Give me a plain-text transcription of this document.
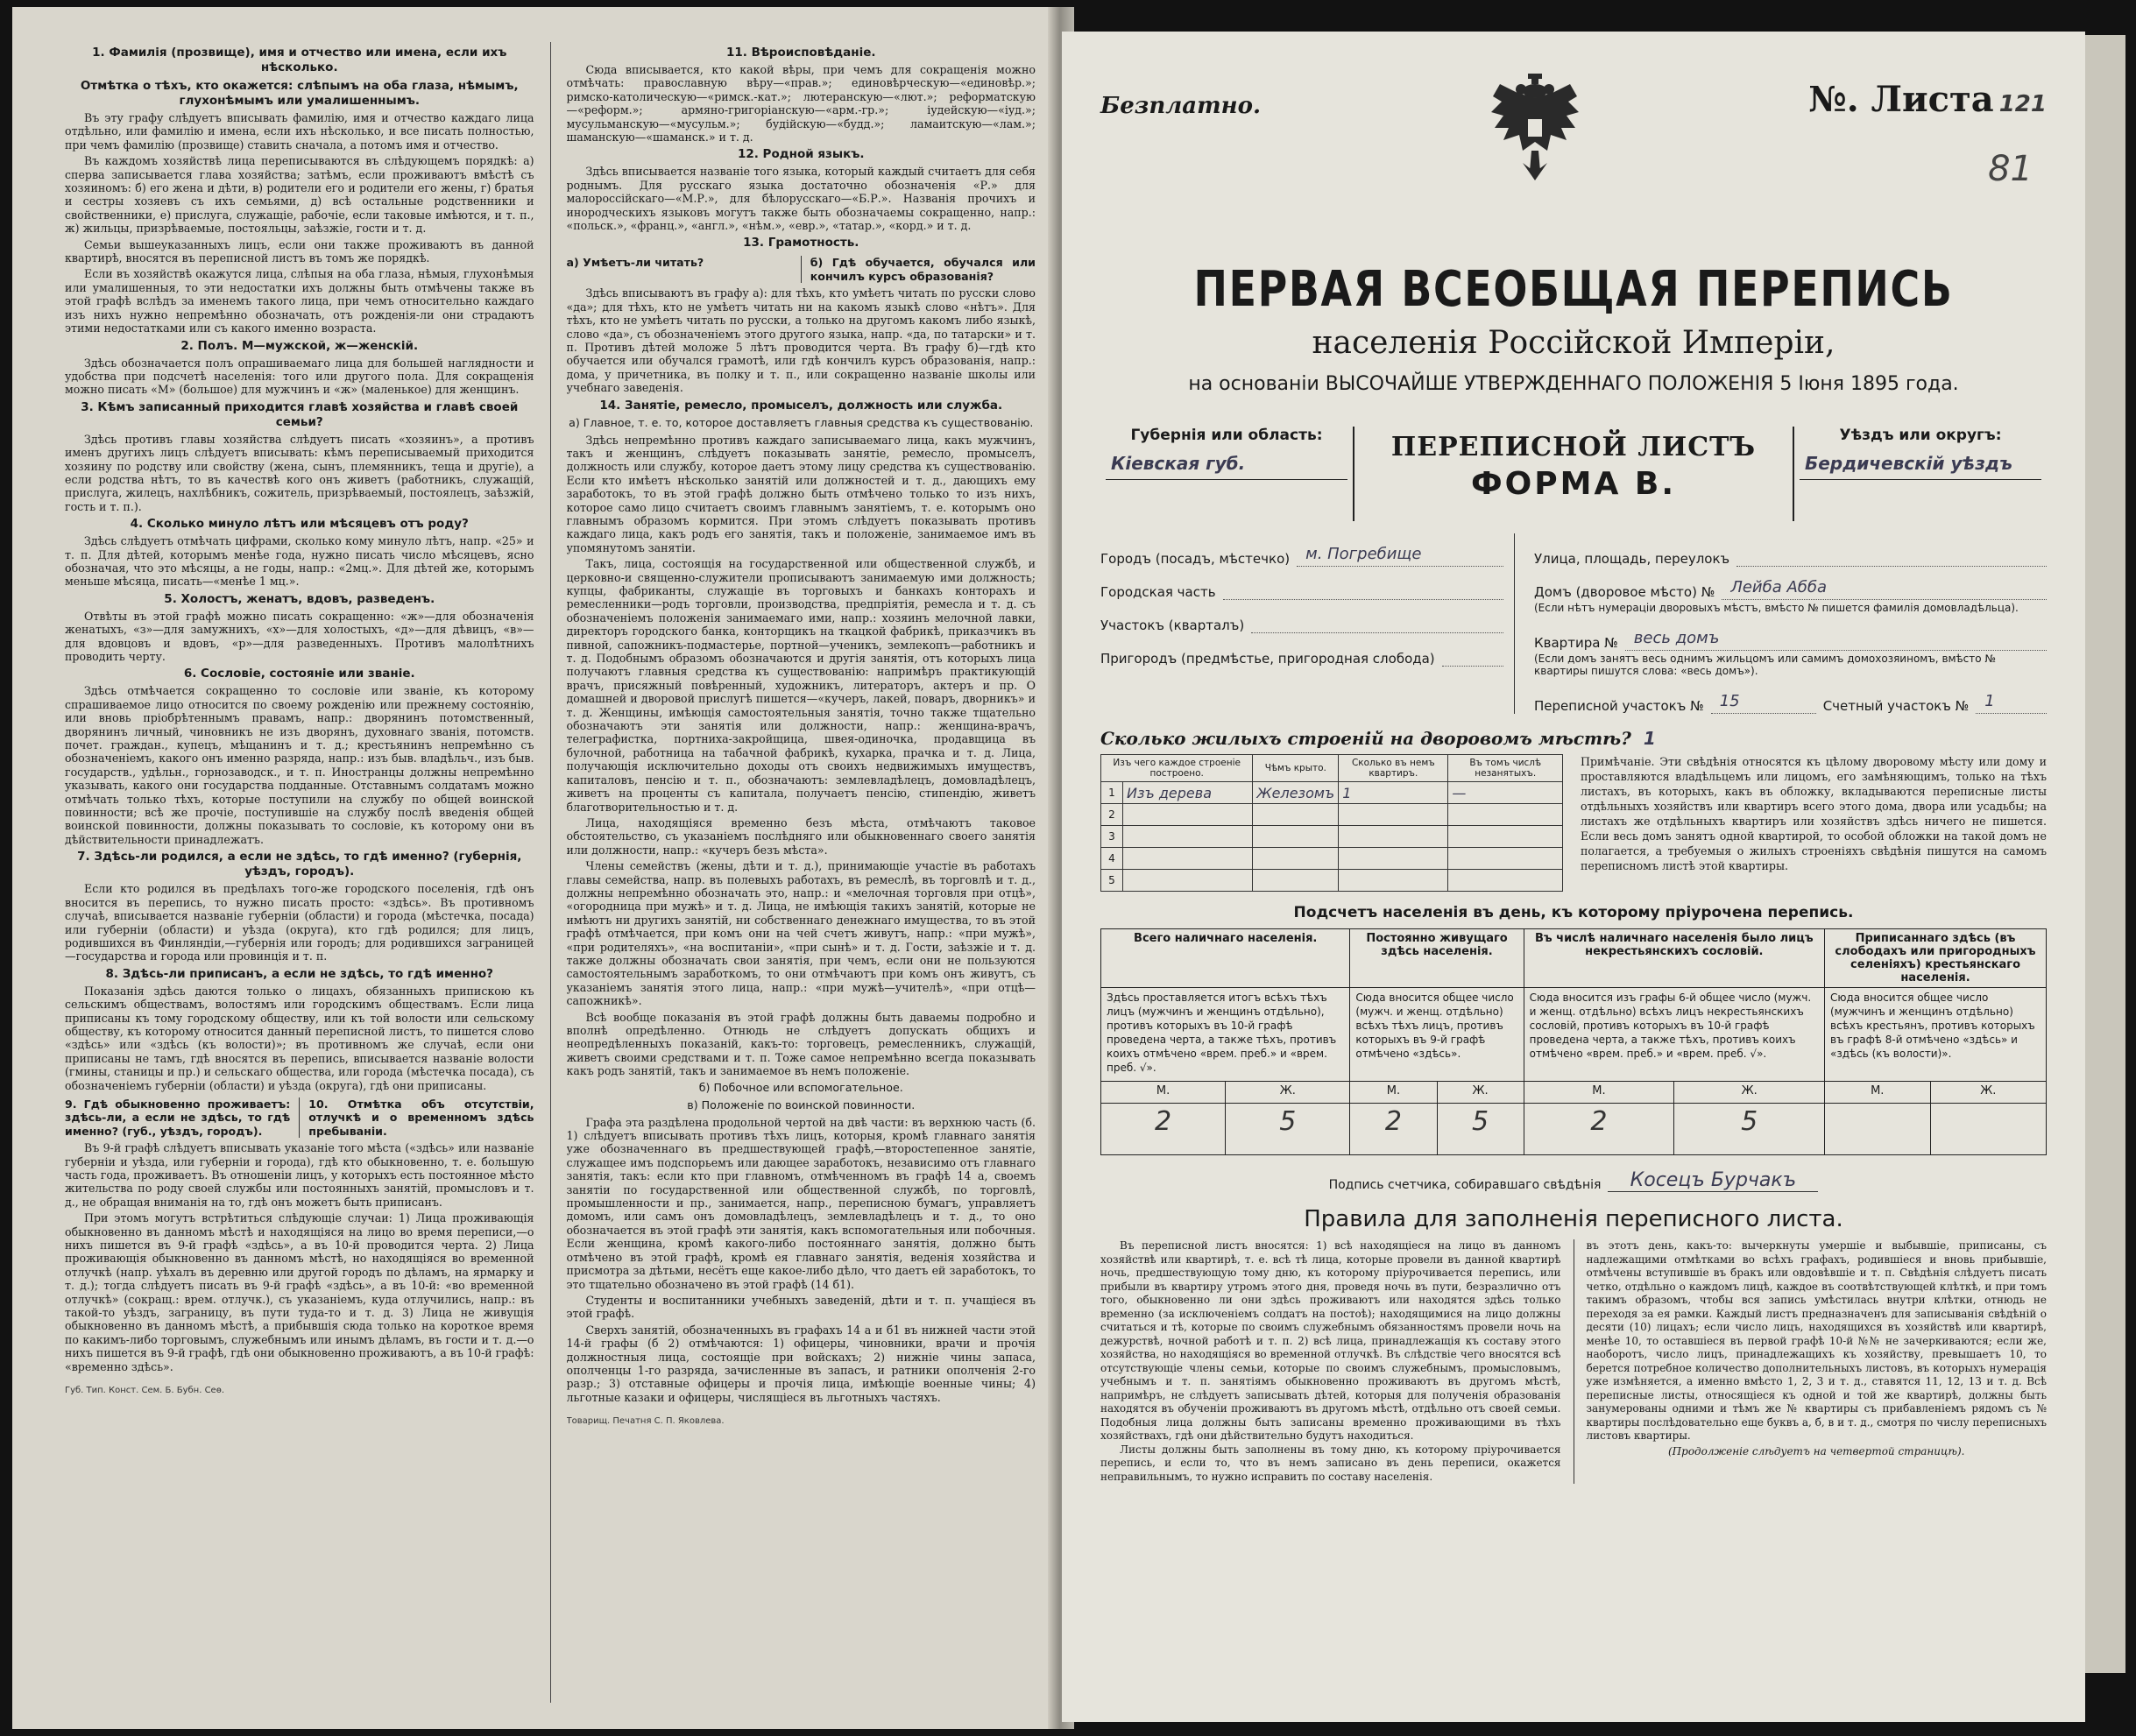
1. Фамилія (прозвище), имя и отчество или имена, если ихъ нѣсколько.
Отмѣтка о тѣхъ, кто окажется: слѣпымъ на оба глаза, нѣмымъ, глухонѣмымъ или умалишеннымъ.
Въ эту графу слѣдуетъ вписывать фамилію, имя и отчество каждаго лица отдѣльно, или фамилію и имена, если ихъ нѣсколько, и все писать полностью, при чемъ фамилію (прозвище) ставить сначала, а потомъ имя и отчество.
Въ каждомъ хозяйствѣ лица переписываются въ слѣдующемъ порядкѣ: а) сперва записывается глава хозяйства; затѣмъ, если проживаютъ вмѣстѣ съ хозяиномъ: б) его жена и дѣти, в) родители его и родители его жены, г) братья и сестры хозяевъ съ ихъ семьями, д) всѣ остальные родственники и свойственники, е) прислуга, служащіе, рабочіе, если таковые имѣются, и т. п., ж) жильцы, призрѣваемые, постояльцы, заѣзжіе, гости и т. д.
Семьи вышеуказанныхъ лицъ, если они также проживаютъ въ данной квартирѣ, вносятся въ переписной листъ въ томъ же порядкѣ.
Если въ хозяйствѣ окажутся лица, слѣпыя на оба глаза, нѣмыя, глухонѣмыя или умалишенныя, то эти недостатки ихъ должны быть отмѣчены также въ этой графѣ вслѣдъ за именемъ такого лица, при чемъ относительно каждаго изъ нихъ нужно непремѣнно обозначать, отъ рожденія-ли они страдаютъ этими недостатками или съ какого именно возраста.
2. Полъ. М—мужской, ж—женскій.
Здѣсь обозначается полъ опрашиваемаго лица для большей наглядности и удобства при подсчетѣ населенія: того или другого пола. Для сокращенія можно писать «М» (большое) для мужчинъ и «ж» (маленькое) для женщинъ.
3. Кѣмъ записанный приходится главѣ хозяйства и главѣ своей семьи?
Здѣсь противъ главы хозяйства слѣдуетъ писать «хозяинъ», а противъ именъ другихъ лицъ слѣдуетъ вписывать: кѣмъ переписываемый приходится хозяину по родству или свойству (жена, сынъ, племянникъ, теща и другіе), а если родства нѣтъ, то въ качествѣ кого онъ живетъ (работникъ, служащій, прислуга, жилецъ, нахлѣбникъ, сожитель, призрѣваемый, постоялецъ, заѣзжій, гость и т. п.).
4. Сколько минуло лѣтъ или мѣсяцевъ отъ роду?
Здѣсь слѣдуетъ отмѣчать цифрами, сколько кому минуло лѣтъ, напр. «25» и т. п. Для дѣтей, которымъ менѣе года, нужно писать число мѣсяцевъ, ясно обозначая, что это мѣсяцы, а не годы, напр.: «2мц.». Для дѣтей же, которымъ меньше мѣсяца, писать—«менѣе 1 мц.».
5. Холостъ, женатъ, вдовъ, разведенъ.
Отвѣты въ этой графѣ можно писать сокращенно: «ж»—для обозначенія женатыхъ, «з»—для замужнихъ, «х»—для холостыхъ, «д»—для дѣвицъ, «в»—для вдовцовъ и вдовъ, «р»—для разведенныхъ. Противъ малолѣтнихъ проводить черту.
6. Сословіе, состояніе или званіе.
Здѣсь отмѣчается сокращенно то сословіе или званіе, къ которому спрашиваемое лицо относится по своему рожденію или прежнему состоянію, или вновь пріобрѣтеннымъ правамъ, напр.: дворянинъ потомственный, дворянинъ личный, чиновникъ не изъ дворянъ, духовнаго званія, потомств. почет. граждан., купецъ, мѣщанинъ и т. д.; крестьянинъ непремѣнно съ обозначеніемъ, какого онъ именно разряда, напр.: изъ быв. владѣльч., изъ быв. государств., удѣльн., горнозаводск., и т. п. Иностранцы должны непремѣнно указывать, какого они государства подданные. Отставнымъ солдатамъ можно отмѣчать только тѣхъ, которые поступили на службу по общей воинской повинности; всѣ же прочіе, поступившіе на службу послѣ введенія общей воинской повинности, должны показывать то сословіе, къ которому они въ дѣйствительности принадлежатъ.
7. Здѣсь-ли родился, а если не здѣсь, то гдѣ именно? (губернія, уѣздъ, городъ).
Если кто родился въ предѣлахъ того-же городского поселенія, гдѣ онъ вносится въ перепись, то нужно писать просто: «здѣсь». Въ противномъ случаѣ, вписывается названіе губерніи (области) и города (мѣстечка, посада) или губерніи (области) и уѣзда (округа), кто гдѣ родился; для лицъ, родившихся въ Финляндіи,—губернія или городъ; для родившихся заграницей—государства и города или провинція и т. п.
8. Здѣсь-ли приписанъ, а если не здѣсь, то гдѣ именно?
Показанія здѣсь даются только о лицахъ, обязанныхъ припискою къ сельскимъ обществамъ, волостямъ или городскимъ обществамъ. Если лица приписаны къ тому городскому обществу, или къ той волости или сельскому обществу, къ которому относится данный переписной листъ, то пишется слово «здѣсь» или «здѣсь (къ волости)»; въ противномъ же случаѣ, если они приписаны не тамъ, гдѣ вносятся въ перепись, вписывается названіе волости (гмины, станицы и пр.) и сельскаго общества, или города (мѣстечка посада), съ обозначеніемъ губерніи (области) и уѣзда (округа), гдѣ они приписаны.
9. Гдѣ обыкновенно проживаетъ: здѣсь-ли, а если не здѣсь, то гдѣ именно? (губ., уѣздъ, городъ).
10. Отмѣтка объ отсутствіи, отлучкѣ и о временномъ здѣсь пребываніи.
Въ 9-й графѣ слѣдуетъ вписывать указаніе того мѣста («здѣсь» или названіе губерніи и уѣзда, или губерніи и города), гдѣ кто обыкновенно, т. е. большую часть года, проживаетъ. Въ отношеніи лицъ, у которыхъ есть постоянное мѣсто жительства по роду своей службы или постоянныхъ занятій, промысловъ и т. д., не обращая вниманія на то, гдѣ онъ можетъ быть приписанъ.
При этомъ могутъ встрѣтиться слѣдующіе случаи: 1) Лица проживающія обыкновенно въ данномъ мѣстѣ и находящіяся на лицо во время переписи,—о нихъ пишется въ 9-й графѣ «здѣсь», а въ 10-й проводится черта. 2) Лица проживающія обыкновенно въ данномъ мѣстѣ, но находящіяся во временной отлучкѣ (напр. уѣхалъ въ деревню или другой городъ по дѣламъ, на ярмарку и т. д.); тогда слѣдуетъ писать въ 9-й графѣ «здѣсь», а въ 10-й: «во временной отлучкѣ» (сокращ.: врем. отлучк.), съ указаніемъ, куда отлучились, напр.: въ такой-то уѣздъ, заграницу, въ пути туда-то и т. д. 3) Лица не живущія обыкновенно въ данномъ мѣстѣ, а прибывшія сюда только на короткое время по какимъ-либо торговымъ, служебнымъ или инымъ дѣламъ, въ гости и т. д.—о нихъ пишется въ 9-й графѣ, гдѣ они обыкновенно проживаютъ, а въ 10-й графѣ: «временно здѣсь».
Губ. Тип. Конст. Сем. Б. Бубн. Сеѳ.
11. Вѣроисповѣданіе.
Сюда вписывается, кто какой вѣры, при чемъ для сокращенія можно отмѣчать: православную вѣру—«прав.»; единовѣрческую—«единовѣр.»; римско-католическую—«римск.-кат.»; лютеранскую—«лют.»; реформатскую—«реформ.»; армяно-григоріанскую—«арм.-гр.»; іудейскую—«іуд.»; мусульманскую—«мусульм.»; будійскую—«будд.»; ламаитскую—«лам.»; шаманскую—«шаманск.» и т. д.
12. Родной языкъ.
Здѣсь вписывается названіе того языка, который каждый считаетъ для себя роднымъ. Для русскаго языка достаточно обозначенія «Р.» для малороссійскаго—«М.Р.», для бѣлорусскаго—«Б.Р.». Названія прочихъ и инородческихъ языковъ могутъ также быть обозначаемы сокращенно, напр.: «польск.», «франц.», «англ.», «нѣм.», «евр.», «татар.», «корд.» и т. д.
13. Грамотность.
а) Умѣетъ-ли читать?	б) Гдѣ обучается, обучался или кончилъ курсъ образованія?
Здѣсь вписываютъ въ графу а): для тѣхъ, кто умѣетъ читать по русски слово «да»; для тѣхъ, кто не умѣетъ читать ни на какомъ языкѣ слово «нѣтъ». Для тѣхъ, кто не умѣетъ читать по русски, а только на другомъ какомъ либо языкѣ, слово «да», съ обозначеніемъ этого другого языка, напр. «да, по татарски» и т. п. Противъ дѣтей моложе 5 лѣтъ проводится черта. Въ графу б)—гдѣ кто обучается или обучался грамотѣ, или гдѣ кончилъ курсъ образованія, напр.: дома, у причетника, въ полку и т. п., или сокращенно названіе школы или учебнаго заведенія.
14. Занятіе, ремесло, промыселъ, должность или служба.
а) Главное, т. е. то, которое доставляетъ главныя средства къ существованію.
Здѣсь непремѣнно противъ каждаго записываемаго лица, какъ мужчинъ, такъ и женщинъ, слѣдуетъ показывать занятіе, ремесло, промыселъ, должность или службу, которое даетъ этому лицу средства къ существованію. Если кто имѣетъ нѣсколько занятій или должностей и т. д., дающихъ ему заработокъ, то въ этой графѣ должно быть отмѣчено только то изъ нихъ, которое само лицо считаетъ своимъ главнымъ занятіемъ, т. е. которымъ оно главнымъ образомъ кормится. При этомъ слѣдуетъ показывать противъ каждаго лица, какъ родъ его занятія, такъ и положеніе, занимаемое имъ въ упомянутомъ занятіи.
Такъ, лица, состоящія на государственной или общественной службѣ, и церковно-и священно-служители прописываютъ занимаемую ими должность; купцы, фабриканты, служащіе въ торговыхъ и банкахъ конторахъ и ремесленники—родъ торговли, производства, предпріятія, ремесла и т. д. съ обозначеніемъ положенія занимаемаго ими, напр.: хозяинъ мелочной лавки, директоръ городского банка, конторщикъ на ткацкой фабрикѣ, приказчикъ въ пивной, сапожникъ-подмастерье, портной—ученикъ, землекопъ—работникъ и т. д. Подобнымъ образомъ обозначаются и другія занятія, отъ которыхъ лица получаютъ главныя средства къ существованію: напримѣръ практикующій врачъ, присяжный повѣренный, художникъ, литераторъ, актеръ и пр. О домашней и дворовой прислугѣ пишется—«кучеръ, лакей, поваръ, дворникъ» и т. д. Женщины, имѣющія самостоятельныя занятія, точно также тщательно обозначаютъ эти занятія или должности, напр.: женщина-врачъ, телеграфистка, портниха-закройщица, швея-одиночка, продавщица въ булочной, работница на табачной фабрикѣ, кухарка, прачка и т. д. Лица, получающія исключительно доходы отъ своихъ недвижимыхъ имуществъ, капиталовъ, пенсію и т. п., обозначаютъ: землевладѣлецъ, домовладѣлецъ, живетъ на проценты съ капитала, получаетъ пенсію, стипендію, живетъ благотворительностью и т. д.
Лица, находящіяся временно безъ мѣста, отмѣчаютъ таковое обстоятельство, съ указаніемъ послѣдняго или обыкновеннаго своего занятія или должности, напр.: «кучеръ безъ мѣста».
Члены семействъ (жены, дѣти и т. д.), принимающіе участіе въ работахъ главы семейства, напр. въ полевыхъ работахъ, въ ремеслѣ, въ торговлѣ и т. д., должны непремѣнно обозначать это, напр.: и «мелочная торговля при отцѣ», «огородница при мужѣ» и т. д. Лица, не имѣющія такихъ занятій, которые не имѣютъ ни другихъ занятій, ни собственнаго денежнаго имущества, то въ этой графѣ отмѣчается, при комъ они на чей счетъ живутъ, напр.: «при мужѣ», «при родителяхъ», «на воспитаніи», «при сынѣ» и т. д. Гости, заѣзжіе и т. д. также должны обозначать свои занятія, при чемъ, если они не пользуются самостоятельнымъ заработкомъ, то они отмѣчаютъ при комъ онъ живутъ, съ указаніемъ занятія этого лица, напр.: «при мужѣ—учителѣ», «при отцѣ—сапожникѣ».
Всѣ вообще показанія въ этой графѣ должны быть даваемы подробно и вполнѣ опредѣленно. Отнюдь не слѣдуетъ допускать общихъ и неопредѣленныхъ показаній, какъ-то: торговецъ, ремесленникъ, служащій, живетъ своими средствами и т. п. Тоже самое непремѣнно всегда показывать какъ родъ занятій, такъ и занимаемое въ немъ положеніе.
б) Побочное или вспомогательное.
в) Положеніе по воинской повинности.
Графа эта раздѣлена продольной чертой на двѣ части: въ верхнюю часть (б. 1) слѣдуетъ вписывать противъ тѣхъ лицъ, которыя, кромѣ главнаго занятія уже обозначеннаго въ предшествующей графѣ,—второстепенное занятіе, служащее имъ подспорьемъ или дающее заработокъ, независимо отъ главнаго занятія, такъ: если кто при главномъ, отмѣченномъ въ графѣ 14 а, своемъ занятіи по государственной или общественной службѣ, по торговлѣ, промышленности и пр., занимается, напр., переписною бумагъ, управляетъ домомъ, или самъ онъ домовладѣлецъ, землевладѣлецъ и т. д., то оно обозначается въ этой графѣ эти занятія, какъ вспомогательныя или побочныя. Если женщина, кромѣ какого-либо постояннаго занятія, должно быть отмѣчено въ этой графѣ, кромѣ ея главнаго занятія, веденія хозяйства и присмотра за дѣтьми, несётъ еще какое-либо дѣло, что даетъ ей заработокъ, то это тщательно обозначено въ этой графѣ (14 б1).
Студенты и воспитанники учебныхъ заведеній, дѣти и т. п. учащіеся въ этой графѣ.
Сверхъ занятій, обозначенныхъ въ графахъ 14 а и б1 въ нижней части этой 14-й графы (б 2) отмѣчаются: 1) офицеры, чиновники, врачи и прочія должностныя лица, состоящіе при войскахъ; 2) нижніе чины запаса, ополченцы 1-го разряда, зачисленные въ запасъ, и ратники ополченія 2-го разр.; 3) отставные офицеры и прочія лица, имѣющіе военные чины; 4) льготные казаки и офицеры, числящіеся въ льготныхъ частяхъ.
Товарищ. Печатня С. П. Яковлева.
81
Безплатно.	№. Листа 121
ПЕРВАЯ ВСЕОБЩАЯ ПЕРЕПИСЬ
населенія Россійской Имперіи,
на основаніи ВЫСОЧАЙШЕ УТВЕРЖДЕННАГО ПОЛОЖЕНІЯ 5 Іюня 1895 года.
Губернія или область:
Кіевская губ.
ПЕРЕПИСНОЙ ЛИСТЪ
ФОРМА В.
Уѣздъ или округъ:
Бердичевскій уѣздъ
Городъ (посадъ, мѣстечко)	м. Погребище
Городская часть
Участокъ (кварталъ)
Пригородъ (предмѣстье, пригородная слобода)
Улица, площадь, переулокъ
Домъ (дворовое мѣсто) №	Лейба Абба
(Если нѣтъ нумераціи дворовыхъ мѣстъ, вмѣсто № пишется фамилія домовладѣльца).
Квартира №	весь домъ
(Если домъ занятъ весь однимъ жильцомъ или самимъ домохозяиномъ, вмѣсто № квартиры пишутся слова: «весь домъ»).
Переписной участокъ №	15	Счетный участокъ №	1
Сколько жилыхъ строеній на дворовомъ мѣстѣ? 1
Изъ чего каждое строеніе построено.		Чѣмъ крыто.	Сколько въ немъ квартиръ.	Въ томъ числѣ незанятыхъ.
1	Изъ дерева	Железомъ	1	—
2				
3				
4				
5				
Примѣчаніе. Эти свѣдѣнія относятся къ цѣлому дворовому мѣсту или дому и проставляются владѣльцемъ или лицомъ, его замѣняющимъ, только на тѣхъ листахъ, въ которыхъ, какъ въ обложку, вкладываются переписные листы отдѣльныхъ хозяйствъ или квартиръ всего этого дома, двора или усадьбы; на листахъ же отдѣльныхъ квартиръ или хозяйствъ здѣсь ничего не пишется. Если весь домъ занятъ одной квартирой, то особой обложки на такой домъ не полагается, а требуемыя о жилыхъ строеніяхъ свѣдѣнія пишутся на самомъ переписномъ листѣ этой квартиры.
Подсчетъ населенія въ день, къ которому пріурочена перепись.
Всего наличнаго населенія.		Постоянно живущаго здѣсь населенія.		Въ числѣ наличнаго населенія было лицъ некрестьянскихъ сословій.		Приписаннаго здѣсь (въ слободахъ или пригородныхъ селеніяхъ) крестьянскаго населенія.	
Здѣсь проставляется итогъ всѣхъ тѣхъ лицъ (мужчинъ и женщинъ отдѣльно), противъ которыхъ въ 10-й графѣ проведена черта, а также тѣхъ, противъ коихъ отмѣчено «врем. преб.» и «врем. преб. √».		Сюда вносится общее число (мужч. и женщ. отдѣльно) всѣхъ тѣхъ лицъ, противъ которыхъ въ 9-й графѣ отмѣчено «здѣсь».		Сюда вносится изъ графы 6-й общее число (мужч. и женщ. отдѣльно) всѣхъ лицъ некрестьянскихъ сословій, противъ которыхъ въ 10-й графѣ проведена черта, а также тѣхъ, противъ коихъ отмѣчено «врем. преб.» и «врем. преб. √».		Сюда вносится общее число (мужчинъ и женщинъ отдѣльно) всѣхъ крестьянъ, противъ которыхъ въ графѣ 8-й отмѣчено «здѣсь» и «здѣсь (къ волости)».	
М.	Ж.	М.	Ж.	М.	Ж.	М.	Ж.
2	5	2	5	2	5		
Подпись счетчика, собиравшаго свѣдѣнія	Косецъ Бурчакъ
Правила для заполненія переписного листа.
Въ переписной листъ вносятся: 1) всѣ находящіеся на лицо въ данномъ хозяйствѣ или квартирѣ, т. е. всѣ тѣ лица, которые провели въ данной квартирѣ ночь, предшествующую тому дню, къ которому пріурочивается перепись, или прибыли въ квартиру утромъ этого дня, проведя ночь въ пути, безразлично отъ того, обыкновенно ли они здѣсь проживаютъ или находятся здѣсь только временно (за исключеніемъ солдатъ на постоѣ); находящимися на лицо должны считаться и тѣ, которые по своимъ служебнымъ обязанностямъ провели ночь на дежурствѣ, ночной работѣ и т. п. 2) всѣ лица, принадлежащія къ составу этого хозяйства, но находящіяся во временной отлучкѣ. Въ слѣдствіе чего вносятся всѣ отсутствующіе члены семьи, которые по своимъ служебнымъ, промысловымъ, учебнымъ и т. п. занятіямъ обыкновенно проживаютъ въ другомъ мѣстѣ, напримѣръ, не слѣдуетъ записывать дѣтей, которыя для полученія образованія находятся въ обученіи проживаютъ въ другомъ мѣстѣ, отдѣльно отъ своей семьи. Подобныя лица должны быть записаны временно проживающими въ тѣхъ хозяйствахъ, гдѣ они дѣйствительно будутъ находиться.
Листы должны быть заполнены въ тому дню, къ которому пріурочивается перепись, и если то, что въ немъ записано въ день переписи, окажется неправильнымъ, то нужно исправить по составу населенія.
въ этотъ день, какъ-то: вычеркнуты умершіе и выбывшіе, приписаны, съ надлежащими отмѣтками во всѣхъ графахъ, родившіеся и вновь прибывшіе, отмѣчены вступившіе въ бракъ или овдовѣвшіе и т. п. Свѣдѣнія слѣдуетъ писать четко, отдѣльно о каждомъ лицѣ, каждое въ соотвѣтствующей клѣткѣ, и при томъ такимъ образомъ, чтобы вся запись умѣстилась внутри клѣтки, отнюдь не переходя за ея рамки. Каждый листъ предназначенъ для записыванія свѣдѣній о десяти (10) лицахъ; если число лицъ, находящихся въ хозяйствѣ или квартирѣ, менѣе 10, то оставшіеся въ первой графѣ 10-й №№ не зачеркиваются; если же, наоборотъ, число лицъ, принадлежащихъ къ хозяйству, превышаетъ 10, то берется потребное количество дополнительныхъ листовъ, въ которыхъ нумерація уже измѣняется, а именно вмѣсто 1, 2, 3 и т. д., ставятся 11, 12, 13 и т. д. Всѣ переписные листы, относящіеся къ одной и той же квартирѣ, должны быть занумерованы одними и тѣмъ же № квартиры съ прибавленіемъ рядомъ съ № квартиры послѣдовательно еще буквъ а, б, в и т. д., смотря по числу переписныхъ листовъ квартиры.
(Продолженіе слѣдуетъ на четвертой страницѣ).
